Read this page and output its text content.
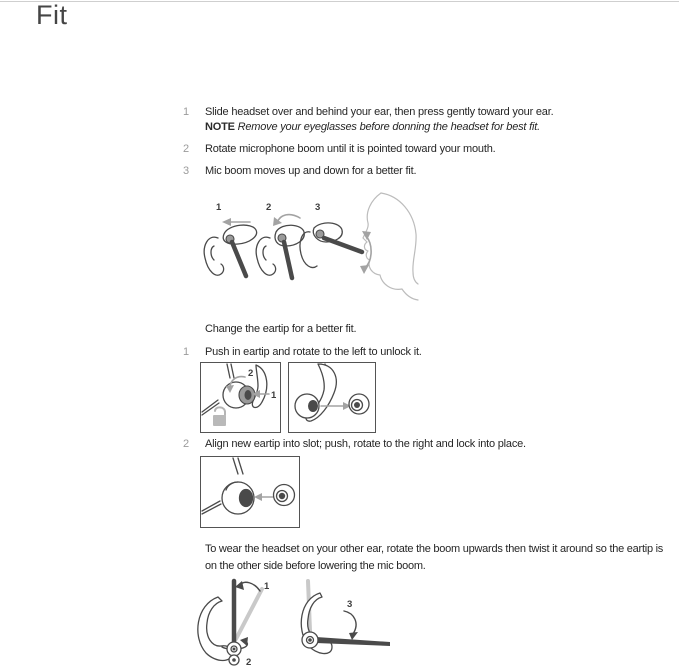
Fit
1	Slide headset over and behind your ear, then press gently toward your ear.
NOTE Remove your eyeglasses before donning the headset for best fit.
2	Rotate microphone boom until it is pointed toward your mouth.
3	Mic boom moves up and down for a better fit.
1	2	3
Change the eartip for a better fit.
1	Push in eartip and rotate to the left to unlock it.
2
1
2	Align new eartip into slot; push, rotate to the right and lock into place.
To wear the headset on your other ear, rotate the boom upwards then twist it around so the eartip is on the other side before lowering the mic boom.
1
2
3
